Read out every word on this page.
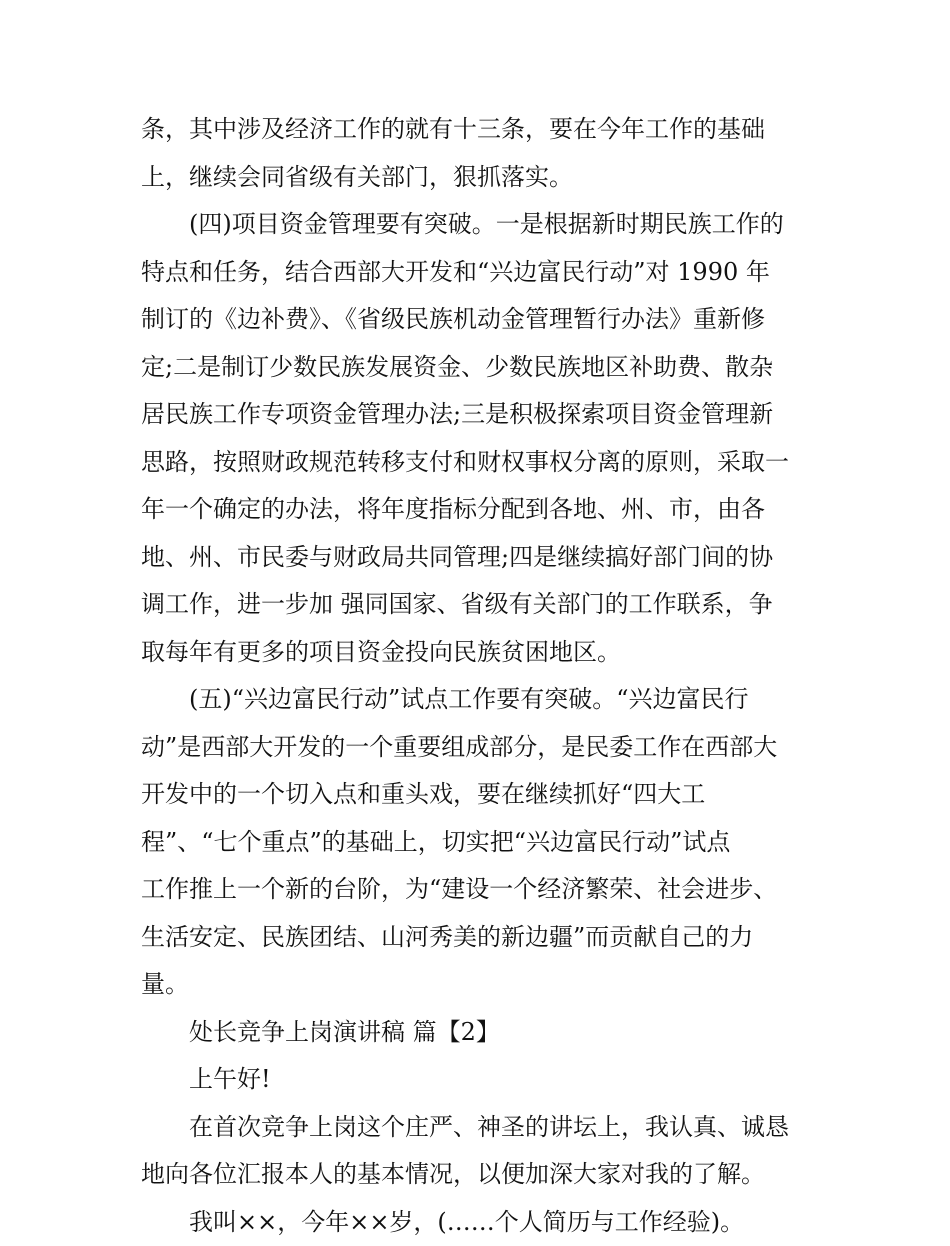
条，其中涉及经济工作的就有十三条，要在今年工作的基础
上，继续会同省级有关部门，狠抓落实。
(四)项目资金管理要有突破。一是根据新时期民族工作的
特点和任务，结合西部大开发和“兴边富民行动”对 1990 年
制订的《边补费》、《省级民族机动金管理暂行办法》重新修
定;二是制订少数民族发展资金、少数民族地区补助费、散杂
居民族工作专项资金管理办法;三是积极探索项目资金管理新
思路，按照财政规范转移支付和财权事权分离的原则，采取一
年一个确定的办法，将年度指标分配到各地、州、市，由各
地、州、市民委与财政局共同管理;四是继续搞好部门间的协
调工作，进一步加 强同国家、省级有关部门的工作联系，争
取每年有更多的项目资金投向民族贫困地区。
(五)“兴边富民行动”试点工作要有突破。“兴边富民行
动”是西部大开发的一个重要组成部分，是民委工作在西部大
开发中的一个切入点和重头戏，要在继续抓好“四大工
程”、“七个重点”的基础上，切实把“兴边富民行动”试点
工作推上一个新的台阶，为“建设一个经济繁荣、社会进步、
生活安定、民族团结、山河秀美的新边疆”而贡献自己的力
量。
处长竞争上岗演讲稿 篇【2】
上午好!
在首次竞争上岗这个庄严、神圣的讲坛上，我认真、诚恳
地向各位汇报本人的基本情况，以便加深大家对我的了解。
我叫××，今年××岁，(……个人简历与工作经验)。
